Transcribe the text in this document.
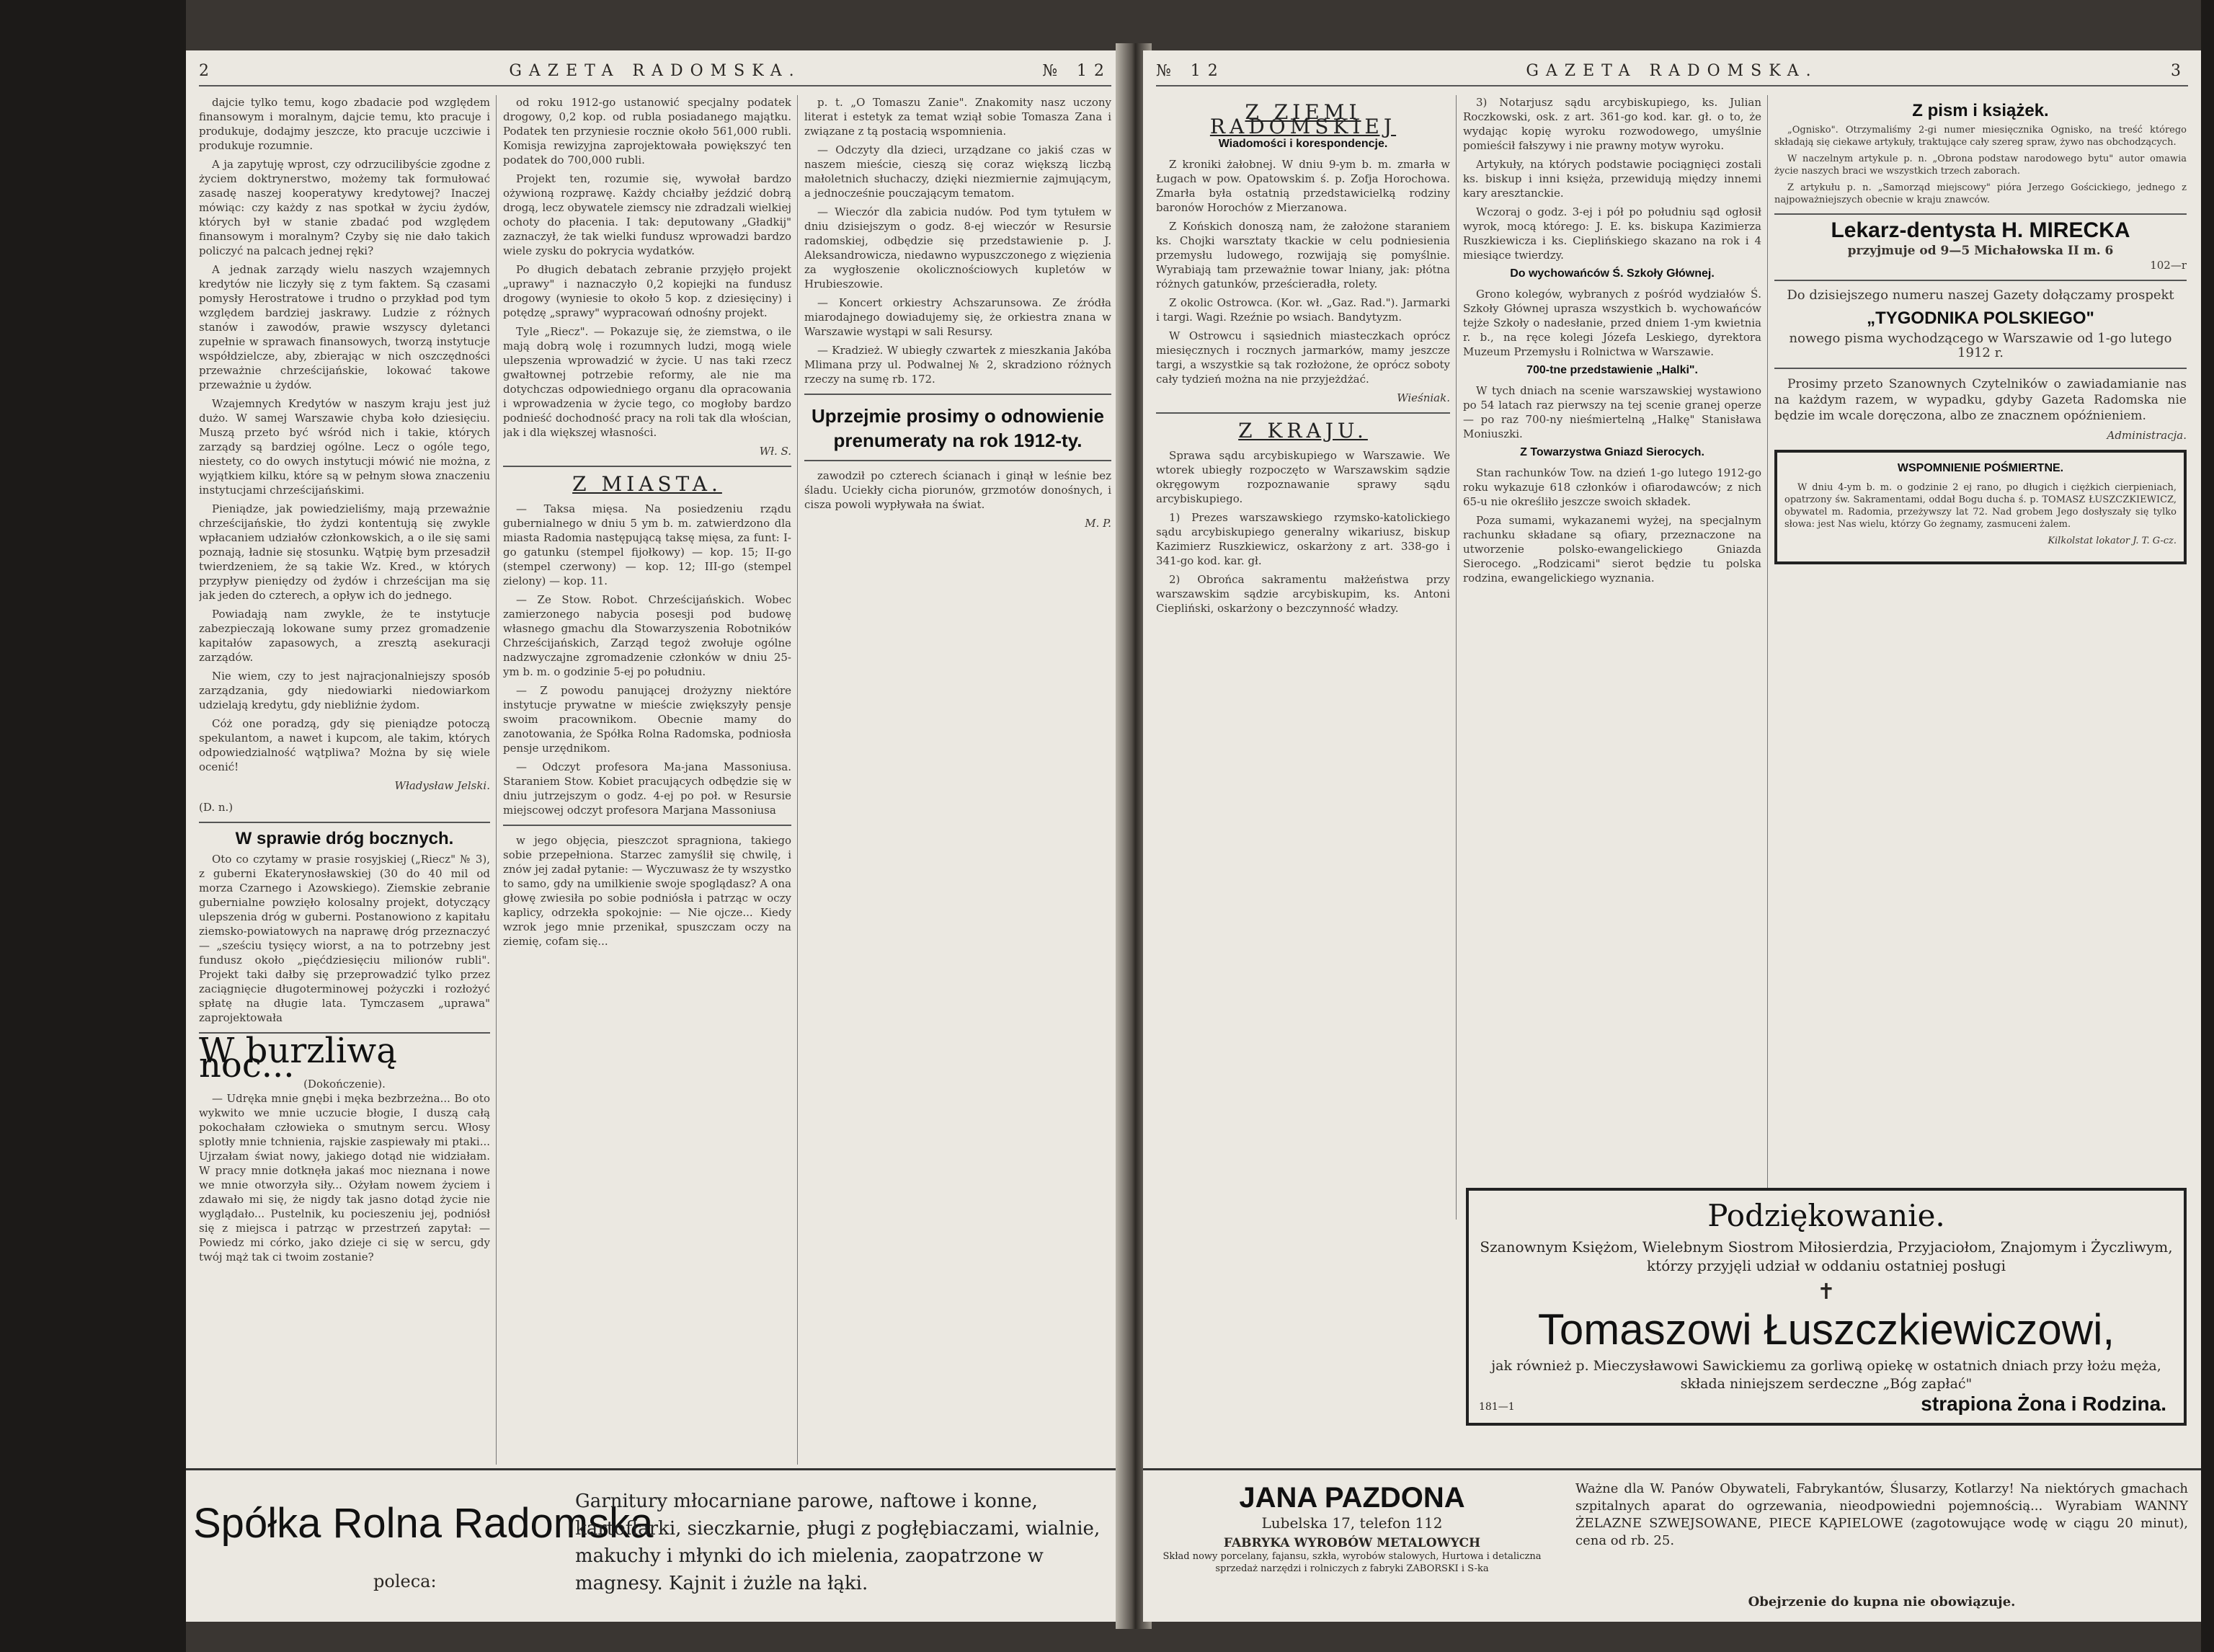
2	GAZETA RADOMSKA.	№ 12

dajcie tylko temu, kogo zbadacie pod względem finansowym i moralnym, dajcie temu, kto pracuje i produkuje, dodajmy jeszcze, kto pracuje uczciwie i produkuje rozumnie.

A ja zapytuję wprost, czy odrzucilibyście zgodne z życiem doktrynerstwo, możemy tak formułować zasadę naszej kooperatywy kredytowej? Inaczej mówiąc: czy każdy z nas spotkał w życiu żydów, których był w stanie zbadać pod względem finansowym i moralnym? Czyby się nie dało takich policzyć na palcach jednej ręki?

A jednak zarządy wielu naszych wzajemnych kredytów nie liczyły się z tym faktem. Są czasami pomysły Herostratowe i trudno o przykład pod tym względem bardziej jaskrawy. Ludzie z różnych stanów i zawodów, prawie wszyscy dyletanci zupełnie w sprawach finansowych, tworzą instytucje współdzielcze, aby, zbierając w nich oszczędności przeważnie chrześcijańskie, lokować takowe przeważnie u żydów.

Wzajemnych Kredytów w naszym kraju jest już dużo. W samej Warszawie chyba koło dziesięciu. Muszą przeto być wśród nich i takie, których zarządy są bardziej ogólne. Lecz o ogóle tego, niestety, co do owych instytucji mówić nie można, z wyjątkiem kilku, które są w pełnym słowa znaczeniu instytucjami chrześcijańskimi.

Pieniądze, jak powiedzieliśmy, mają przeważnie chrześcijańskie, tło żydzi kontentują się zwykle wpłacaniem udziałów członkowskich, a o ile się sami poznają, ładnie się stosunku. Wątpię bym przesadził twierdzeniem, że są takie Wz. Kred., w których przypływ pieniędzy od żydów i chrześcijan ma się jak jeden do czterech, a opływ ich do jednego.

Powiadają nam zwykle, że te instytucje zabezpieczają lokowane sumy przez gromadzenie kapitałów zapasowych, a zresztą asekuracji zarządów.

Nie wiem, czy to jest najracjonalniejszy sposób zarządzania, gdy niedowiarki niedowiarkom udzielają kredytu, gdy niebliźnie żydom.

Cóż one poradzą, gdy się pieniądze potoczą spekulantom, a nawet i kupcom, ale takim, których odpowiedzialność wątpliwa? Można by się wiele ocenić!

Władysław Jelski.
(D. n.)
W sprawie dróg bocznych.

Oto co czytamy w prasie rosyjskiej („Riecz" № 3), z guberni Ekaterynosławskiej (30 do 40 mil od morza Czarnego i Azowskiego). Ziemskie zebranie gubernialne powzięło kolosalny projekt, dotyczący ulepszenia dróg w guberni. Postanowiono z kapitału ziemsko-powiatowych na naprawę dróg przeznaczyć — „sześciu tysięcy wiorst, a na to potrzebny jest fundusz około „pięćdziesięciu milionów rubli". Projekt taki dałby się przeprowadzić tylko przez zaciągnięcie długoterminowej pożyczki i rozłożyć spłatę na długie lata. Tymczasem „uprawa" zaprojektowała

W burzliwą noc... (Dokończenie).

— Udręka mnie gnębi i męka bezbrzeżna... Bo oto wykwito we mnie uczucie błogie, I duszą całą pokochałam człowieka o smutnym sercu. Włosy splotły mnie tchnienia, rajskie zaspiewały mi ptaki... Ujrzałam świat nowy, jakiego dotąd nie widziałam. W pracy mnie dotknęła jakaś moc nieznana i nowe we mnie otworzyła siły... Ożyłam nowem życiem i zdawało mi się, że nigdy tak jasno dotąd życie nie wyglądało... Pustelnik, ku pocieszeniu jej, podniósł się z miejsca i patrząc w przestrzeń zapytał: — Powiedz mi córko, jako dzieje ci się w sercu, gdy twój mąż tak ci twoim zostanie?

od roku 1912-go ustanowić specjalny podatek drogowy, 0,2 kop. od rubla posiadanego majątku. Podatek ten przyniesie rocznie około 561,000 rubli. Komisja rewizyjna zaprojektowała powiększyć ten podatek do 700,000 rubli.

Projekt ten, rozumie się, wywołał bardzo ożywioną rozprawę. Każdy chciałby jeździć dobrą drogą, lecz obywatele ziemscy nie zdradzali wielkiej ochoty do płacenia. I tak: deputowany „Gładkij" zaznaczył, że tak wielki fundusz wprowadzi bardzo wiele zysku do pokrycia wydatków.

Po długich debatach zebranie przyjęło projekt „uprawy" i naznaczyło 0,2 kopiejki na fundusz drogowy (wyniesie to około 5 kop. z dziesięciny) i potędzę „sprawy" wypracowań odnośny projekt.

Tyle „Riecz". — Pokazuje się, że ziemstwa, o ile mają dobrą wolę i rozumnych ludzi, mogą wiele ulepszenia wprowadzić w życie. U nas taki rzecz gwałtownej potrzebie reformy, ale nie ma dotychczas odpowiedniego organu dla opracowania i wprowadzenia w życie tego, co mogłoby bardzo podnieść dochodność pracy na roli tak dla włościan, jak i dla większej własności.

Wł. S.
Z MIASTA.

— Taksa mięsa. Na posiedzeniu rządu gubernialnego w dniu 5 ym b. m. zatwierdzono dla miasta Radomia następującą taksę mięsa, za funt: I-go gatunku (stempel fijołkowy) — kop. 15; II-go (stempel czerwony) — kop. 12; III-go (stempel zielony) — kop. 11.

— Ze Stow. Robot. Chrześcijańskich. Wobec zamierzonego nabycia posesji pod budowę własnego gmachu dla Stowarzyszenia Robotników Chrześcijańskich, Zarząd tegoż zwołuje ogólne nadzwyczajne zgromadzenie członków w dniu 25-ym b. m. o godzinie 5-ej po południu.

— Z powodu panującej drożyzny niektóre instytucje prywatne w mieście zwiększyły pensje swoim pracownikom. Obecnie mamy do zanotowania, że Spółka Rolna Radomska, podniosła pensje urzędnikom.

— Odczyt profesora Ma-jana Massoniusa. Staraniem Stow. Kobiet pracujących odbędzie się w dniu jutrzejszym o godz. 4-ej po poł. w Resursie miejscowej odczyt profesora Marjana Massoniusa

w jego objęcia, pieszczot spragniona, takiego sobie przepełniona. Starzec zamyślił się chwilę, i znów jej zadał pytanie: — Wyczuwasz że ty wszystko to samo, gdy na umilkienie swoje spoglądasz? A ona głowę zwiesiła po sobie podniósła i patrząc w oczy kaplicy, odrzekła spokojnie: — Nie ojcze... Kiedy wzrok jego mnie przenikał, spuszczam oczy na ziemię, cofam się...

p. t. „O Tomaszu Zanie". Znakomity nasz uczony literat i estetyk za temat wziął sobie Tomasza Zana i związane z tą postacią wspomnienia.

— Odczyty dla dzieci, urządzane co jakiś czas w naszem mieście, cieszą się coraz większą liczbą małoletnich słuchaczy, dzięki niezmiernie zajmującym, a jednocześnie pouczającym tematom.

— Wieczór dla zabicia nudów. Pod tym tytułem w dniu dzisiejszym o godz. 8-ej wieczór w Resursie radomskiej, odbędzie się przedstawienie p. J. Aleksandrowicza, niedawno wypuszczonego z więzienia za wygłoszenie okolicznościowych kupletów w Hrubieszowie.

— Koncert orkiestry Achszarunsowa. Ze źródła miarodajnego dowiadujemy się, że orkiestra znana w Warszawie wystąpi w sali Resursy.

— Kradzież. W ubiegły czwartek z mieszkania Jakóba Mlimana przy ul. Podwalnej № 2, skradziono różnych rzeczy na sumę rb. 172.

Uprzejmie prosimy o odnowienie prenumeraty na rok 1912-ty.

zawodził po czterech ścianach i ginął w leśnie bez śladu. Uciekły cicha piorunów, grzmotów donośnych, i cisza powoli wypływała na świat.

M. P.
Spółka Rolna Radomska
poleca:
Garnitury młocarniane parowe, naftowe i konne, kartoflarki, sieczkarnie, pługi z pogłębiaczami, wialnie, makuchy i młynki do ich mielenia, zaopatrzone w magnesy. Kajnit i żużle na łąki.
№ 12	GAZETA RADOMSKA.	3
Z ZIEMI RADOMSKIEJ
Wiadomości i korespondencje.

Z kroniki żałobnej. W dniu 9-ym b. m. zmarła w Ługach w pow. Opatowskim ś. p. Zofja Horochowa. Zmarła była ostatnią przedstawicielką rodziny baronów Horochów z Mierzanowa.

Z Końskich donoszą nam, że założone staraniem ks. Chojki warsztaty tkackie w celu podniesienia przemysłu ludowego, rozwijają się pomyślnie. Wyrabiają tam przeważnie towar lniany, jak: płótna różnych gatunków, prześcieradła, rolety.

Z okolic Ostrowca. (Kor. wł. „Gaz. Rad."). Jarmarki i targi. Wagi. Rzeźnie po wsiach. Bandytyzm.

W Ostrowcu i sąsiednich miasteczkach oprócz miesięcznych i rocznych jarmarków, mamy jeszcze targi, a wszystkie są tak rozłożone, że oprócz soboty cały tydzień można na nie przyjeżdżać.

Wieśniak.
Z KRAJU.

Sprawa sądu arcybiskupiego w Warszawie. We wtorek ubiegły rozpoczęto w Warszawskim sądzie okręgowym rozpoznawanie sprawy sądu arcybiskupiego.

1) Prezes warszawskiego rzymsko-katolickiego sądu arcybiskupiego generalny wikariusz, biskup Kazimierz Ruszkiewicz, oskarżony z art. 338-go i 341-go kod. kar. gł.

2) Obrońca sakramentu małżeństwa przy warszawskim sądzie arcybiskupim, ks. Antoni Ciepliński, oskarżony o bezczynność władzy.

3) Notarjusz sądu arcybiskupiego, ks. Julian Roczkowski, osk. z art. 361-go kod. kar. gł. o to, że wydając kopię wyroku rozwodowego, umyślnie pomieścił fałszywy i nie prawny motyw wyroku.

Artykuły, na których podstawie pociągnięci zostali ks. biskup i inni księża, przewidują między innemi kary aresztanckie.

Wczoraj o godz. 3-ej i pół po południu sąd ogłosił wyrok, mocą którego: J. E. ks. biskupa Kazimierza Ruszkiewicza i ks. Cieplińskiego skazano na rok i 4 miesiące twierdzy.

Do wychowańców Ś. Szkoły Głównej.

Grono kolegów, wybranych z pośród wydziałów Ś. Szkoły Głównej uprasza wszystkich b. wychowańców tejże Szkoły o nadesłanie, przed dniem 1-ym kwietnia r. b., na ręce kolegi Józefa Leskiego, dyrektora Muzeum Przemysłu i Rolnictwa w Warszawie.

700-tne przedstawienie „Halki".

W tych dniach na scenie warszawskiej wystawiono po 54 latach raz pierwszy na tej scenie granej operze — po raz 700-ny nieśmiertelną „Halkę" Stanisława Moniuszki.

Z Towarzystwa Gniazd Sierocych.

Stan rachunków Tow. na dzień 1-go lutego 1912-go roku wykazuje 618 członków i ofiarodawców; z nich 65-u nie określiło jeszcze swoich składek.

Poza sumami, wykazanemi wyżej, na specjalnym rachunku składane są ofiary, przeznaczone na utworzenie polsko-ewangelickiego Gniazda Sierocego. „Rodzicami" sierot będzie tu polska rodzina, ewangelickiego wyznania.

Z pism i książek.

„Ognisko". Otrzymaliśmy 2-gi numer miesięcznika Ognisko, na treść którego składają się ciekawe artykuły, traktujące cały szereg spraw, żywo nas obchodzących.

W naczelnym artykule p. n. „Obrona podstaw narodowego bytu" autor omawia życie naszych braci we wszystkich trzech zaborach.

Z artykułu p. n. „Samorząd miejscowy" pióra Jerzego Gościckiego, jednego z najpoważniejszych obecnie w kraju znawców.

Lekarz-dentysta H. MIRECKA
przyjmuje od 9—5 Michałowska II m. 6
102—r
Do dzisiejszego numeru naszej Gazety dołączamy prospekt
„TYGODNIKA POLSKIEGO"
nowego pisma wychodzącego w Warszawie od 1-go lutego 1912 r.

Prosimy przeto Szanownych Czytelników o zawiadamianie nas na każdym razem, w wypadku, gdyby Gazeta Radomska nie będzie im wcale doręczona, albo ze znacznem opóźnieniem.

Administracja.
WSPOMNIENIE POŚMIERTNE.

W dniu 4-ym b. m. o godzinie 2 ej rano, po długich i ciężkich cierpieniach, opatrzony św. Sakramentami, oddał Bogu ducha ś. p. TOMASZ ŁUSZCZKIEWICZ, obywatel m. Radomia, przeżywszy lat 72. Nad grobem Jego dosłyszały się tylko słowa: jest Nas wielu, którzy Go żegnamy, zasmuceni żalem.

Kilkolstat lokator J. T. G-cz.
Podziękowanie.
Szanownym Księżom, Wielebnym Siostrom Miłosierdzia, Przyjaciołom, Znajomym i Życzliwym, którzy przyjęli udział w oddaniu ostatniej posługi
✝
Tomaszowi Łuszczkiewiczowi,
jak również p. Mieczysławowi Sawickiemu za gorliwą opiekę w ostatnich dniach przy łożu męża, składa niniejszem serdeczne „Bóg zapłać"
181—1	strapiona Żona i Rodzina.
JANA PAZDONA
Lubelska 17, telefon 112
FABRYKA WYROBÓW METALOWYCH
Skład nowy porcelany, fajansu, szkła, wyrobów stalowych, Hurtowa i detaliczna sprzedaż narzędzi i rolniczych z fabryki ZABORSKI i S-ka
Ważne dla W. Panów Obywateli, Fabrykantów, Ślusarzy, Kotlarzy! Na niektórych gmachach szpitalnych aparat do ogrzewania, nieodpowiedni pojemnością... Wyrabiam WANNY ŻELAZNE SZWEJSOWANE, PIECE KĄPIELOWE (zagotowujące wodę w ciągu 20 minut), cena od rb. 25.
Obejrzenie do kupna nie obowiązuje.
